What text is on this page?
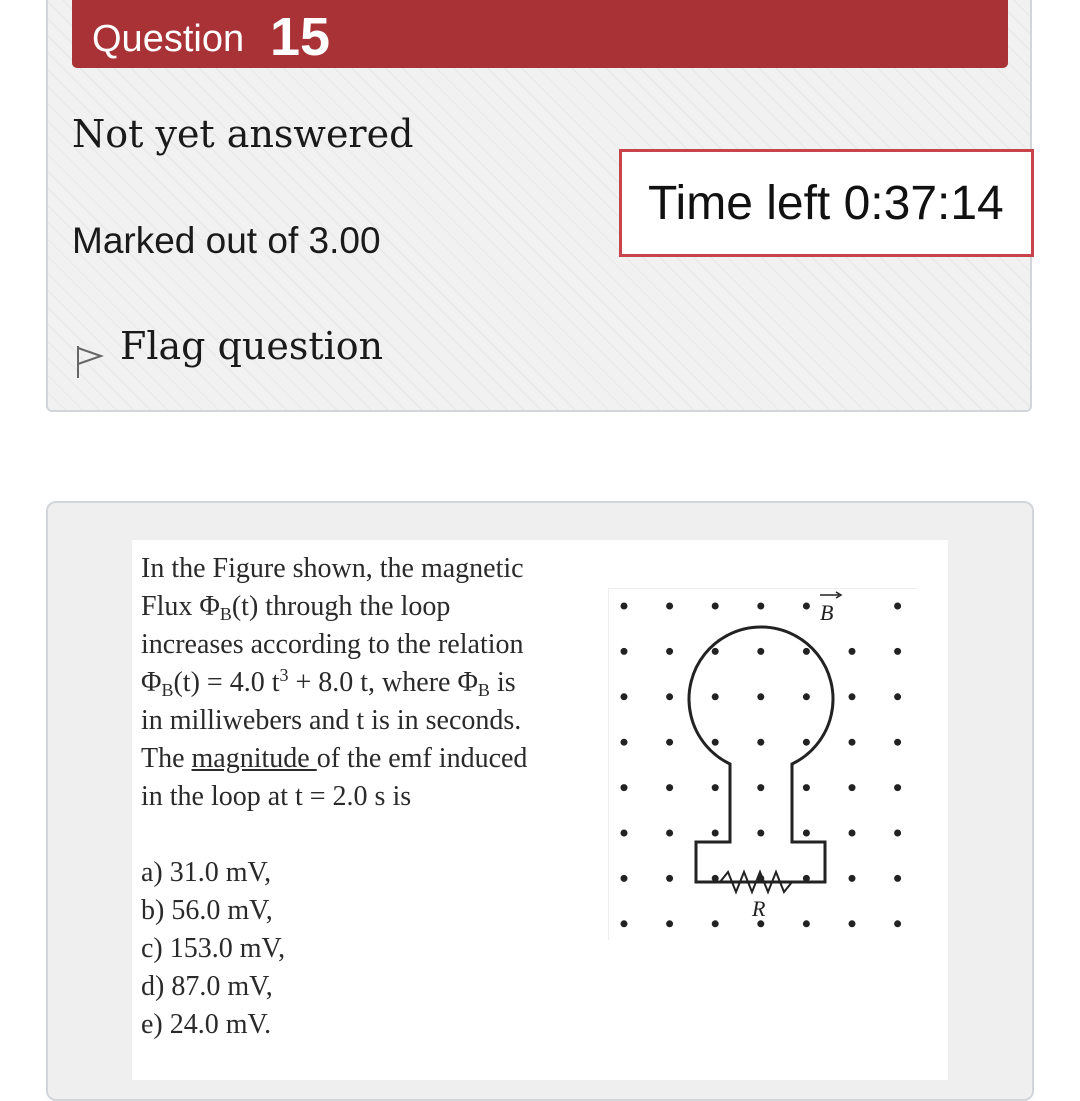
Question 15
Not yet answered
Marked out of 3.00
Flag question
Time left 0:37:14
In the Figure shown, the magnetic
Flux $\Phi_B(t)$ through the loop
increases according to the relation
$\Phi_B(t) = 4.0$ $t^3 + 8.0$ t, where $\Phi_B$ is
in milliwebers and t is in seconds.
The magnitude of the emf induced
in the loop at t = 2.0 s is
a) 31.0 mV,
b) 56.0 mV,
c) 153.0 mV,
d) 87.0 mV,
e) 24.0 mV.
B
R
